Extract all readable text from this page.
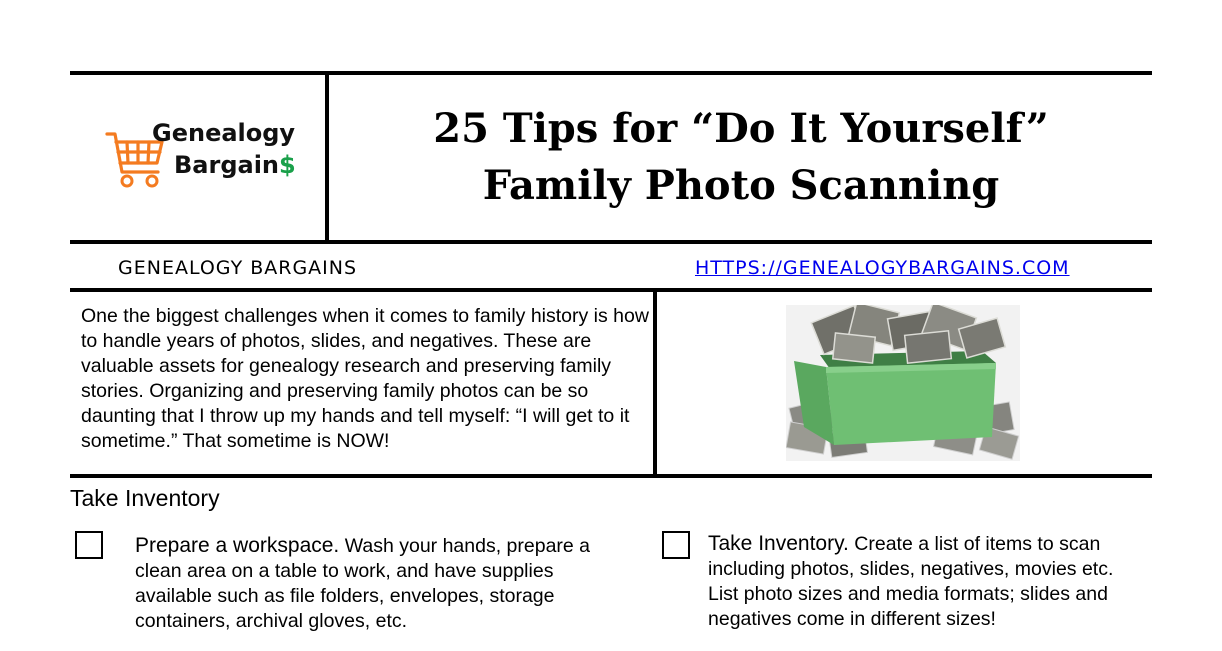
Genealogy
Bargain$
25 Tips for “Do It Yourself”
Family Photo Scanning
GENEALOGY BARGAINS	HTTPS://GENEALOGYBARGAINS.COM
One the biggest challenges when it comes to family history is how to handle years of photos, slides, and negatives. These are valuable assets for genealogy research and preserving family stories. Organizing and preserving family photos can be so daunting that I throw up my hands and tell myself: “I will get to it sometime.” That sometime is NOW!
Take Inventory
Prepare a workspace. Wash your hands, prepare a clean area on a table to work, and have supplies available such as file folders, envelopes, storage containers, archival gloves, etc.
Take Inventory. Create a list of items to scan including photos, slides, negatives, movies etc. List photo sizes and media formats; slides and negatives come in different sizes!
